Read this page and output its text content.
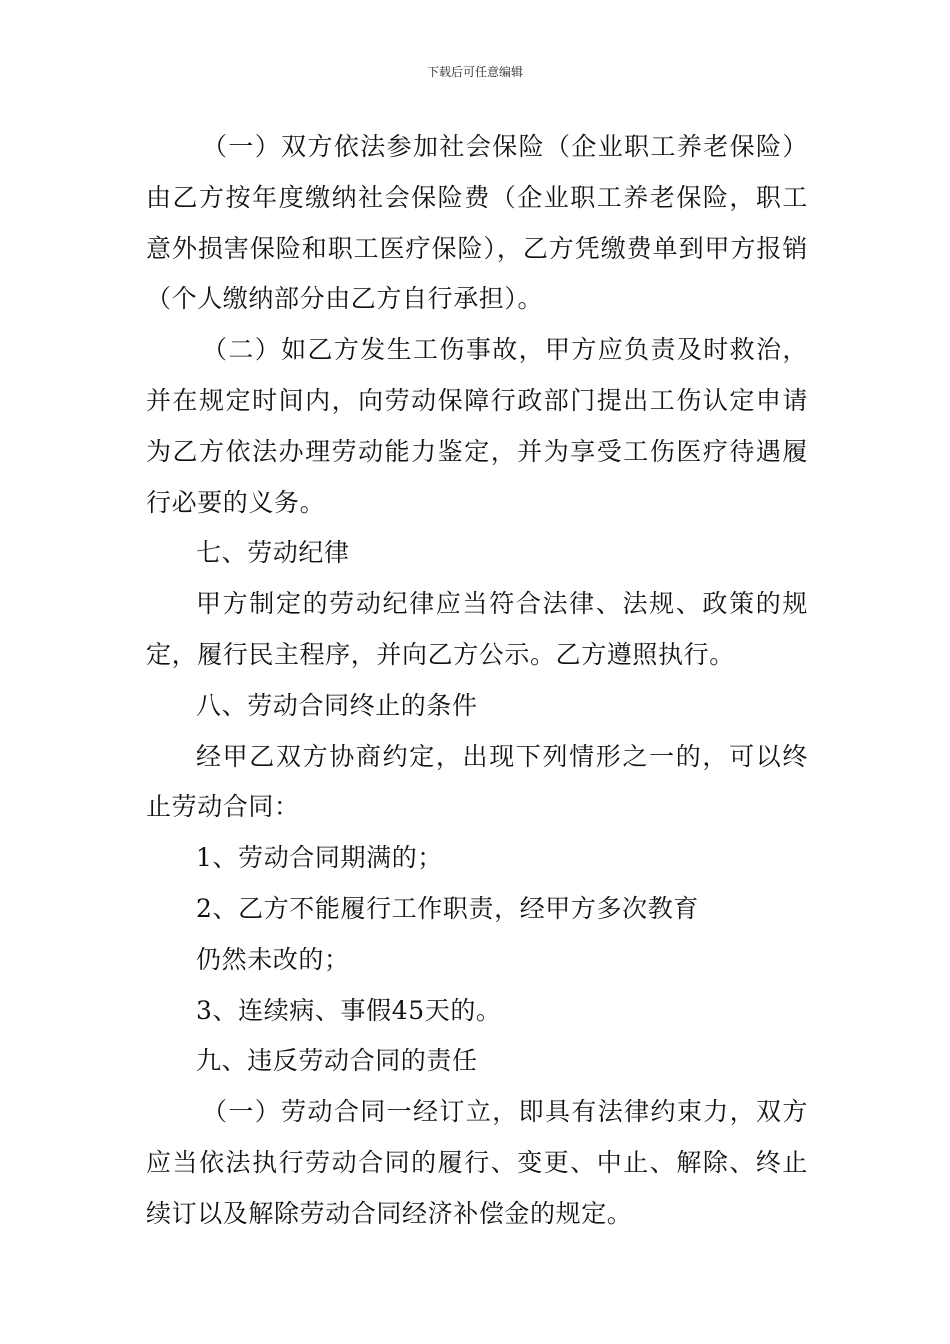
下载后可任意编辑

（一）双方依法参加社会保险（企业职工养老保险）由乙方按年度缴纳社会保险费（企业职工养老保险，职工意外损害保险和职工医疗保险），乙方凭缴费单到甲方报销（个人缴纳部分由乙方自行承担）。

（二）如乙方发生工伤事故，甲方应负责及时救治，并在规定时间内，向劳动保障行政部门提出工伤认定申请为乙方依法办理劳动能力鉴定，并为享受工伤医疗待遇履行必要的义务。

七、劳动纪律

甲方制定的劳动纪律应当符合法律、法规、政策的规定，履行民主程序，并向乙方公示。乙方遵照执行。

八、劳动合同终止的条件

经甲乙双方协商约定，出现下列情形之一的，可以终止劳动合同：

1、劳动合同期满的；

2、乙方不能履行工作职责，经甲方多次教育

仍然未改的；

3、连续病、事假45天的。

九、违反劳动合同的责任

（一）劳动合同一经订立，即具有法律约束力，双方应当依法执行劳动合同的履行、变更、中止、解除、终止续订以及解除劳动合同经济补偿金的规定。
